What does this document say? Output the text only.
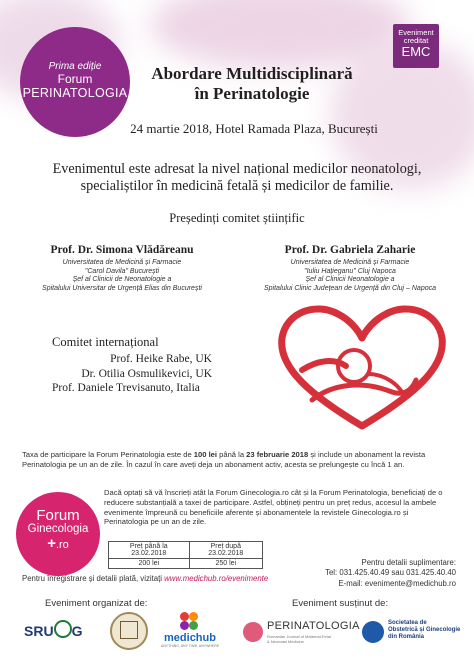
Prima ediție
Forum
PERINATOLOGIA
Eveniment
creditat
EMC
Abordare Multidisciplinară
în Perinatologie
24 martie 2018, Hotel Ramada Plaza, București
Evenimentul este adresat la nivel național medicilor neonatologi,
specialiștilor în medicină fetală și medicilor de familie.
Președinți comitet științific
Prof. Dr. Simona Vlădăreanu
Universitatea de Medicină și Farmacie
"Carol Davila" București
Șef al Clinicii de Neonatologie a
Spitalului Universitar de Urgență Elias din București
Prof. Dr. Gabriela Zaharie
Universitatea de Medicină și Farmacie
"Iuliu Hațieganu" Cluj Napoca
Șef al Clinicii Neonatologie a
Spitalului Clinic Județean de Urgență din Cluj – Napoca
Comitet internațional
Prof. Heike Rabe, UK
Dr. Otilia Osmulikevici, UK
Prof. Daniele Trevisanuto, Italia
Taxa de participare la Forum Perinatologia este de 100 lei până la 23 februarie 2018 și include un abonament la revista Perinatologia pe un an de zile. În cazul în care aveți deja un abonament activ, acesta se prelungește cu încă 1 an.
Forum
Ginecologia
+.ro
Dacă optați să vă înscrieți atât la Forum Ginecologia.ro cât și la Forum Perinatologia, beneficiați de o reducere substanțială a taxei de participare. Astfel, obțineți pentru un preț redus, accesul la ambele evenimente împreună cu beneficiile aferente și abonamentele la revistele Ginecologia.ro și Perinatologia pe un an de zile.
Preț până la 23.02.2018	Preț după 23.02.2018
200 lei	250 lei	Pentru detalii suplimentare:
Tel: 031.425.40.49 sau 031.425.40.40
E-mail: evenimente@medichub.ro
Pentru înregistrare și detalii plată, vizitați www.medichub.ro/evenimente
Eveniment organizat de:	Eveniment susținut de:
SRU G	medichub
ANYTHING, ANY TIME, ANYWHERE
PERINATOLOGIA
Romanian Journal of Maternal-Fetal
& Neonatal Medicine
Societatea de
Obstetrică și Ginecologie
din România
